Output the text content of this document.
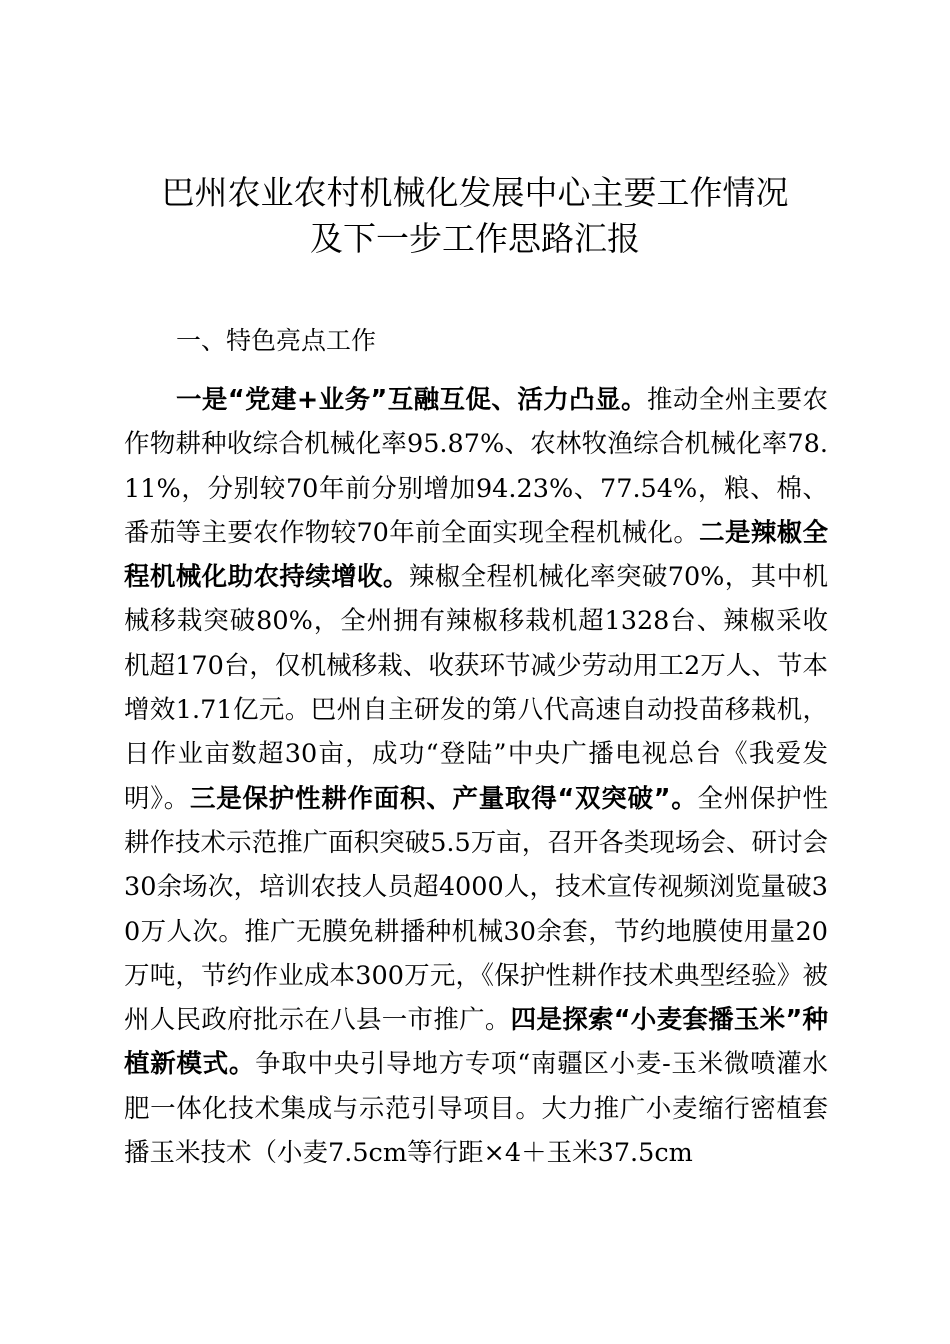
巴州农业农村机械化发展中心主要工作情况
及下一步工作思路汇报
一、特色亮点工作

一是“党建+业务”互融互促、活力凸显。推动全州主要农作物耕种收综合机械化率95.87%、农林牧渔综合机械化率78.11%，分别较70年前分别增加94.23%、77.54%，粮、棉、番茄等主要农作物较70年前全面实现全程机械化。二是辣椒全程机械化助农持续增收。辣椒全程机械化率突破70%，其中机械移栽突破80%，全州拥有辣椒移栽机超1328台、辣椒采收机超170台，仅机械移栽、收获环节减少劳动用工2万人、节本增效1.71亿元。巴州自主研发的第八代高速自动投苗移栽机，日作业亩数超30亩，成功“登陆”中央广播电视总台《我爱发明》。三是保护性耕作面积、产量取得“双突破”。全州保护性耕作技术示范推广面积突破5.5万亩，召开各类现场会、研讨会30余场次，培训农技人员超4000人，技术宣传视频浏览量破30万人次。推广无膜免耕播种机械30余套，节约地膜使用量20万吨，节约作业成本300万元，《保护性耕作技术典型经验》被州人民政府批示在八县一市推广。四是探索“小麦套播玉米”种植新模式。争取中央引导地方专项“南疆区小麦-玉米微喷灌水肥一体化技术集成与示范引导项目。大力推广小麦缩行密植套播玉米技术（小麦7.5cm等行距×4＋玉米37.5cm
